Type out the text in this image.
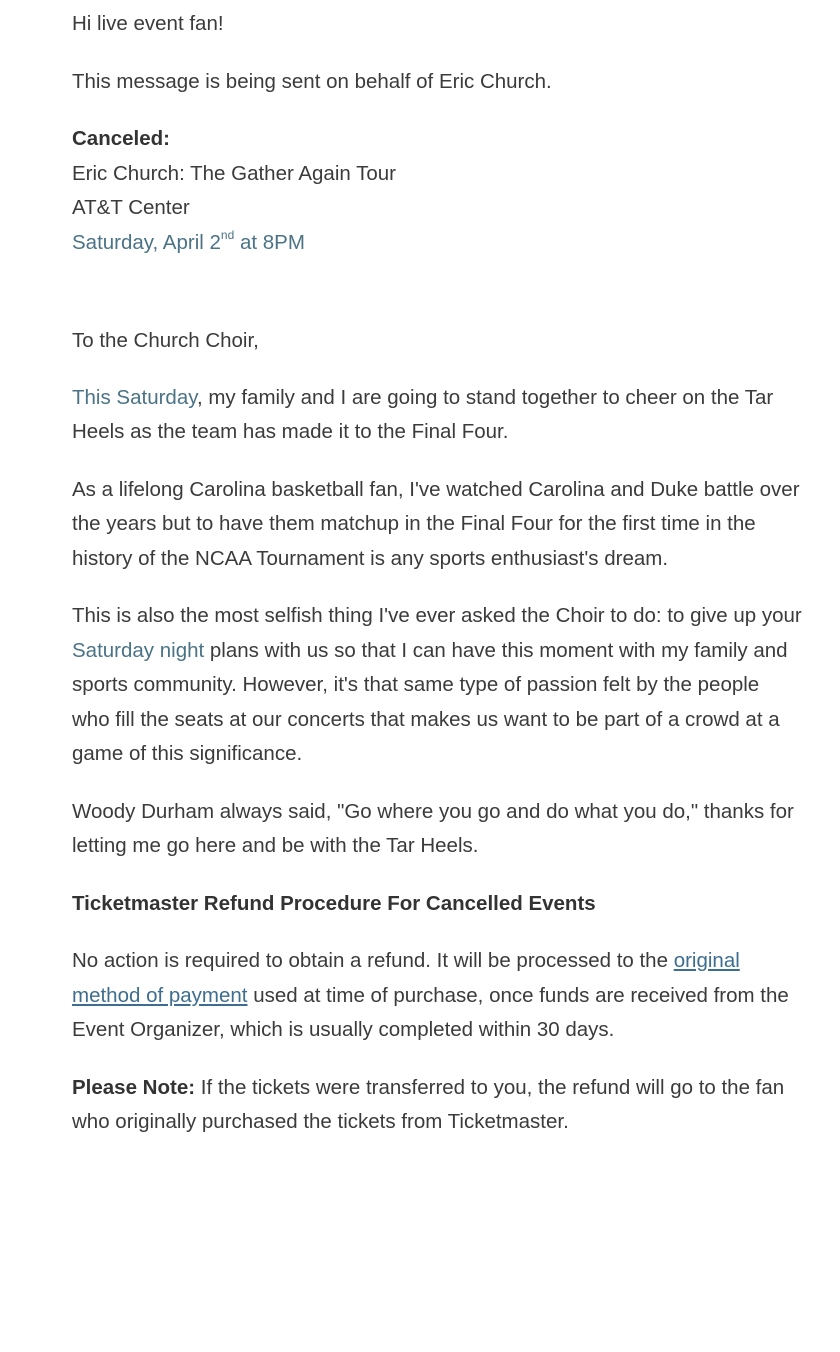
Hi live event fan!

This message is being sent on behalf of Eric Church.

Canceled:

Eric Church: The Gather Again Tour

AT&T Center

Saturday, April 2nd at 8PM

To the Church Choir,

This Saturday, my family and I are going to stand together to cheer on the Tar Heels as the team has made it to the Final Four.

As a lifelong Carolina basketball fan, I've watched Carolina and Duke battle over the years but to have them matchup in the Final Four for the first time in the history of the NCAA Tournament is any sports enthusiast's dream.

This is also the most selfish thing I've ever asked the Choir to do: to give up your Saturday night plans with us so that I can have this moment with my family and sports community. However, it's that same type of passion felt by the people who fill the seats at our concerts that makes us want to be part of a crowd at a game of this significance.

Woody Durham always said, "Go where you go and do what you do," thanks for letting me go here and be with the Tar Heels.

Ticketmaster Refund Procedure For Cancelled Events

No action is required to obtain a refund. It will be processed to the original method of payment used at time of purchase, once funds are received from the Event Organizer, which is usually completed within 30 days.

Please Note: If the tickets were transferred to you, the refund will go to the fan who originally purchased the tickets from Ticketmaster.
